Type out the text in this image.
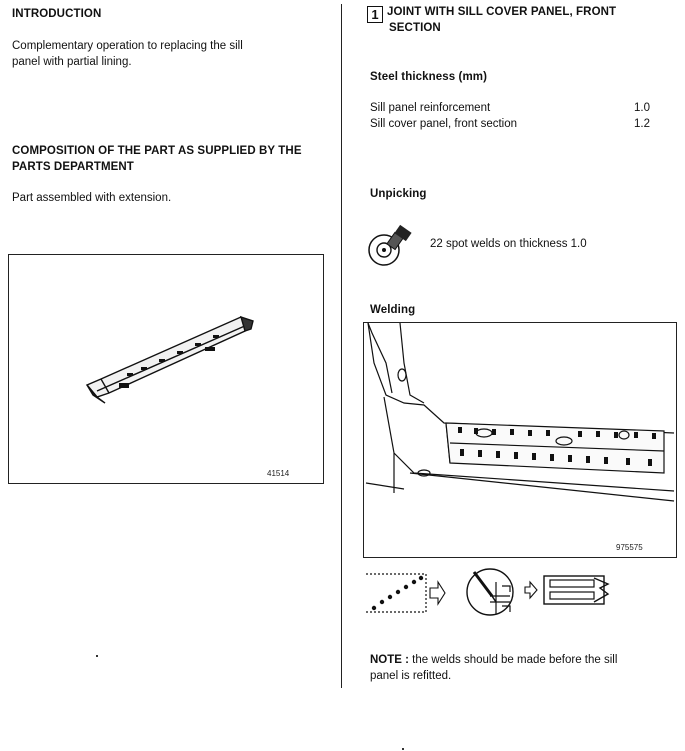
INTRODUCTION
Complementary operation to replacing the sill
panel with partial lining.
COMPOSITION OF THE PART AS SUPPLIED BY THE
PARTS DEPARTMENT
Part assembled with extension.
41514
1 JOINT WITH SILL COVER PANEL, FRONT
SECTION
Steel thickness (mm)
Sill panel reinforcement	1.0
Sill cover panel, front section	1.2
Unpicking
22 spot welds on thickness 1.0
Welding
975575
NOTE : the welds should be made before the sill
panel is refitted.
